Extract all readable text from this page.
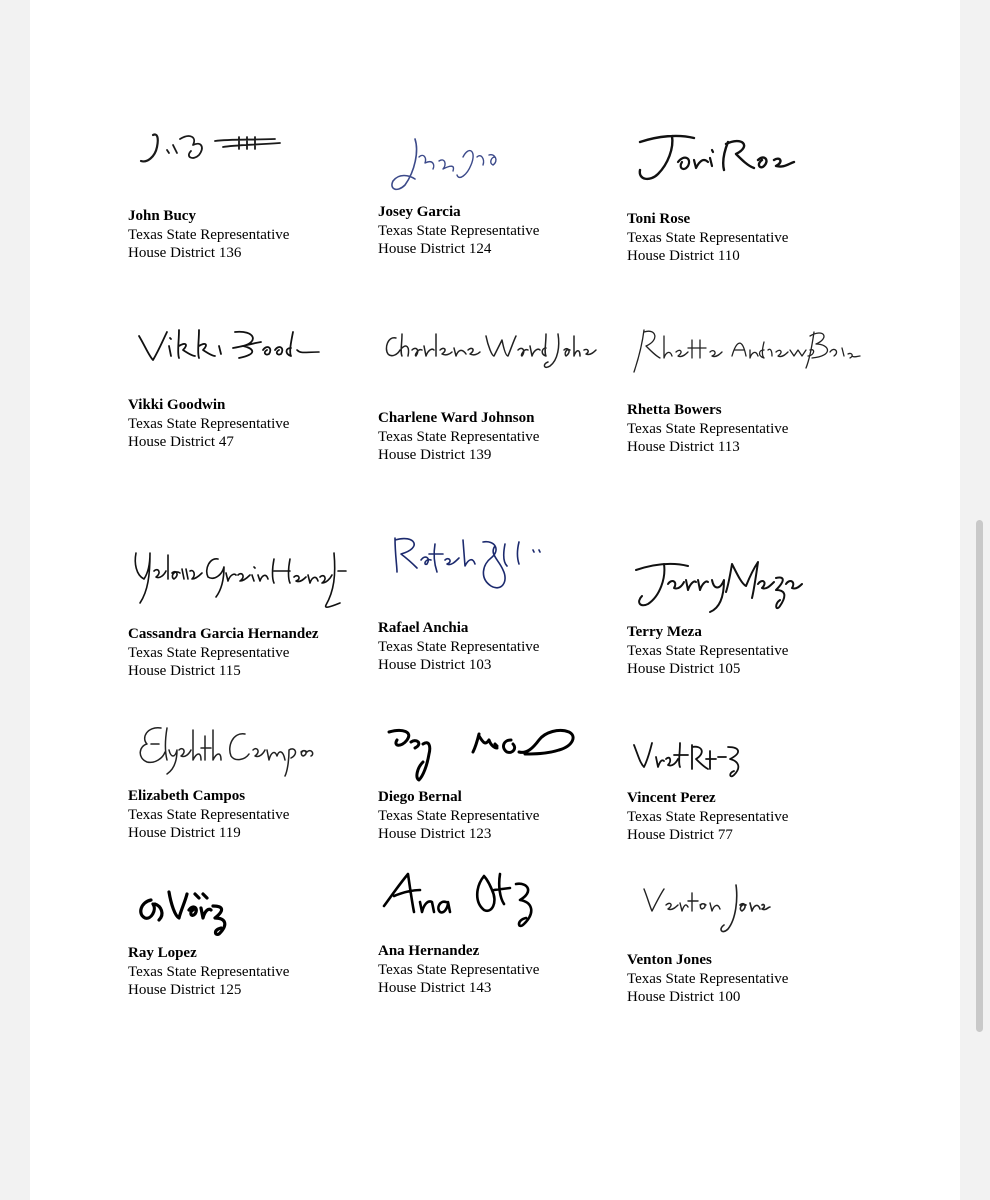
John Bucy
Texas State Representative
House District 136
Josey Garcia
Texas State Representative
House District 124
Toni Rose
Texas State Representative
House District 110
Vikki Goodwin
Texas State Representative
House District 47
Charlene Ward Johnson
Texas State Representative
House District 139
Rhetta Bowers
Texas State Representative
House District 113
Cassandra Garcia Hernandez
Texas State Representative
House District 115
Rafael Anchia
Texas State Representative
House District 103
Terry Meza
Texas State Representative
House District 105
Elizabeth Campos
Texas State Representative
House District 119
Diego Bernal
Texas State Representative
House District 123
Vincent Perez
Texas State Representative
House District 77
Ray Lopez
Texas State Representative
House District 125
Ana Hernandez
Texas State Representative
House District 143
Venton Jones
Texas State Representative
House District 100
